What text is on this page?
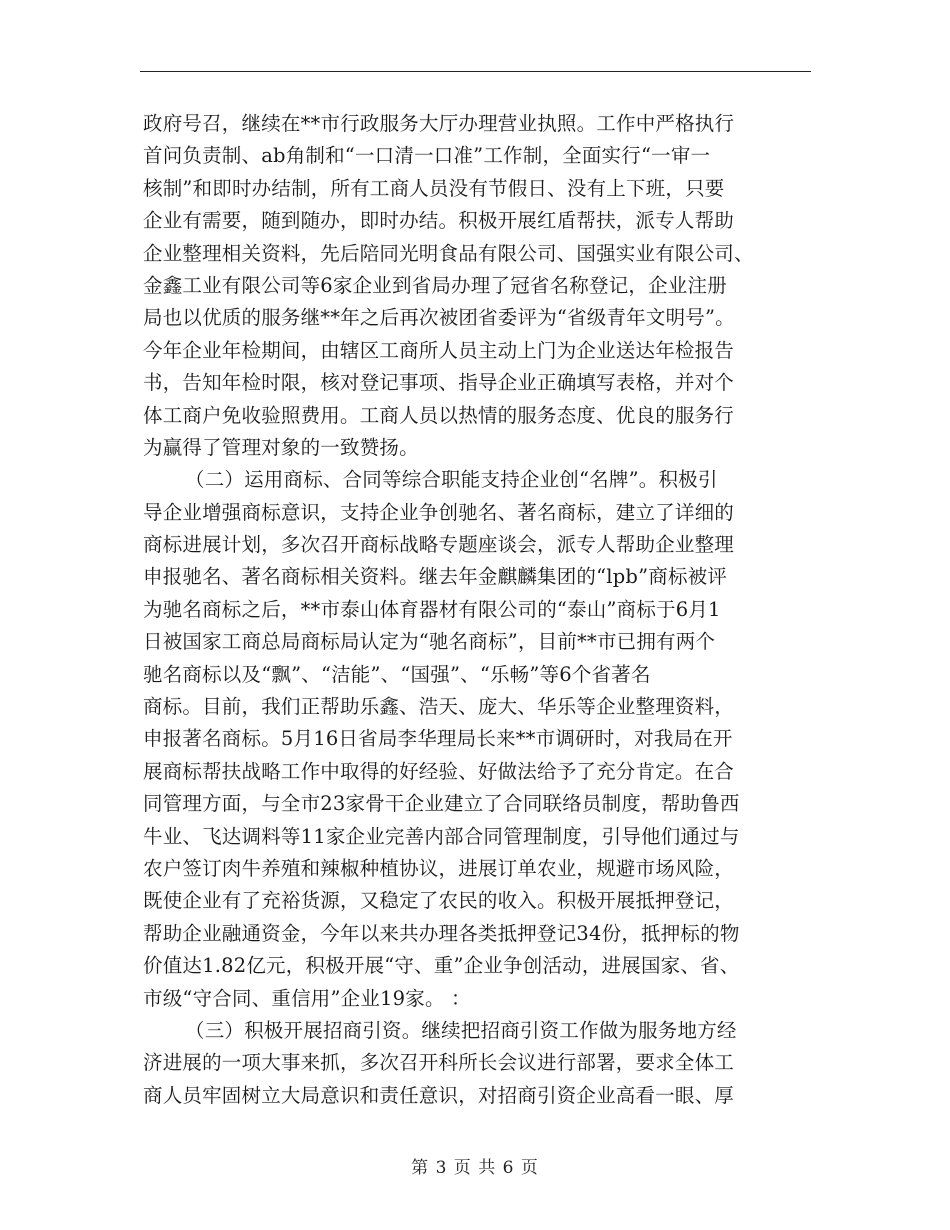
政府号召，继续在**市行政服务大厅办理营业执照。工作中严格执行
首问负责制、ab角制和“一口清一口准”工作制，全面实行“一审一
核制”和即时办结制，所有工商人员没有节假日、没有上下班，只要
企业有需要，随到随办，即时办结。积极开展红盾帮扶，派专人帮助
企业整理相关资料，先后陪同光明食品有限公司、国强实业有限公司、
金鑫工业有限公司等6家企业到省局办理了冠省名称登记，企业注册
局也以优质的服务继**年之后再次被团省委评为“省级青年文明号”。
今年企业年检期间，由辖区工商所人员主动上门为企业送达年检报告
书，告知年检时限，核对登记事项、指导企业正确填写表格，并对个
体工商户免收验照费用。工商人员以热情的服务态度、优良的服务行
为赢得了管理对象的一致赞扬。
（二）运用商标、合同等综合职能支持企业创“名牌”。积极引
导企业增强商标意识，支持企业争创驰名、著名商标，建立了详细的
商标进展计划，多次召开商标战略专题座谈会，派专人帮助企业整理
申报驰名、著名商标相关资料。继去年金麒麟集团的“lpb”商标被评
为驰名商标之后，**市泰山体育器材有限公司的“泰山”商标于6月1
日被国家工商总局商标局认定为“驰名商标”，目前**市已拥有两个
驰名商标以及“飘”、“洁能”、“国强”、“乐畅”等6个省著名
商标。目前，我们正帮助乐鑫、浩天、庞大、华乐等企业整理资料，
申报著名商标。5月16日省局李华理局长来**市调研时，对我局在开
展商标帮扶战略工作中取得的好经验、好做法给予了充分肯定。在合
同管理方面，与全市23家骨干企业建立了合同联络员制度，帮助鲁西
牛业、飞达调料等11家企业完善内部合同管理制度，引导他们通过与
农户签订肉牛养殖和辣椒种植协议，进展订单农业，规避市场风险，
既使企业有了充裕货源，又稳定了农民的收入。积极开展抵押登记，
帮助企业融通资金，今年以来共办理各类抵押登记34份，抵押标的物
价值达1.82亿元，积极开展“守、重”企业争创活动，进展国家、省、
市级“守合同、重信用”企业19家。 ：
（三）积极开展招商引资。继续把招商引资工作做为服务地方经
济进展的一项大事来抓，多次召开科所长会议进行部署，要求全体工
商人员牢固树立大局意识和责任意识，对招商引资企业高看一眼、厚
第 3 页 共 6 页
